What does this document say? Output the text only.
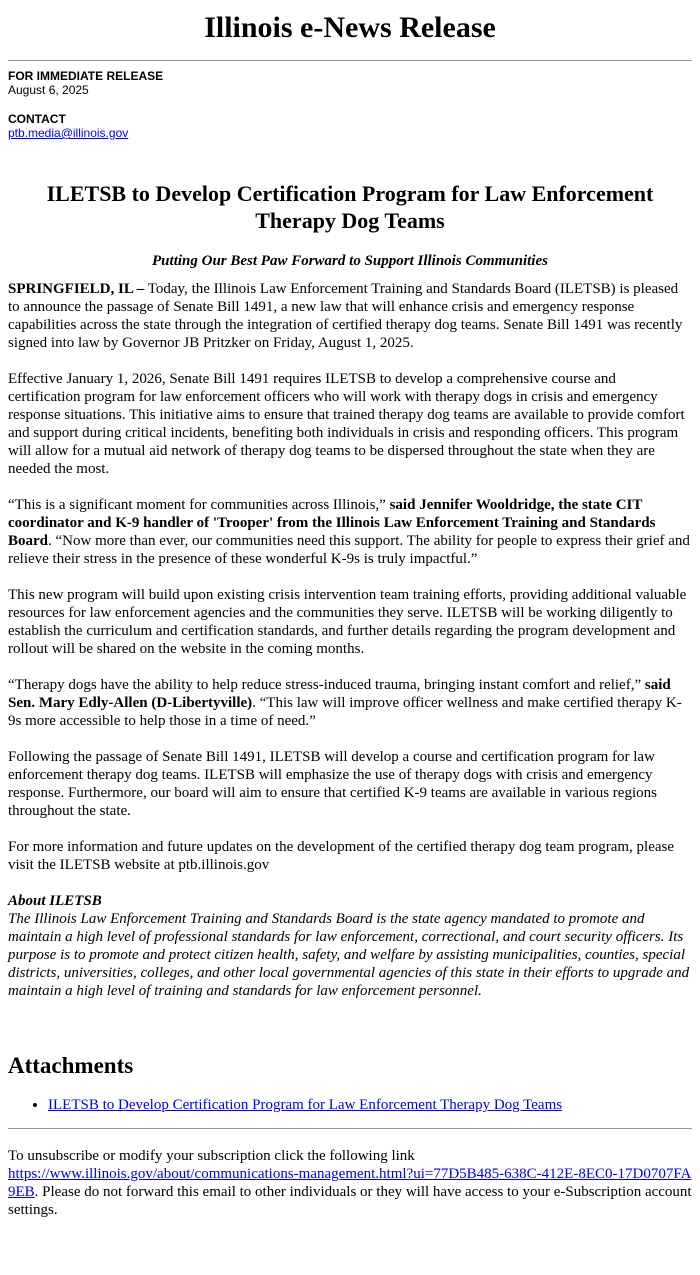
Illinois e-News Release
FOR IMMEDIATE RELEASE
August 6, 2025
CONTACT
ptb.media@illinois.gov
ILETSB to Develop Certification Program for Law Enforcement Therapy Dog Teams
Putting Our Best Paw Forward to Support Illinois Communities

SPRINGFIELD, IL – Today, the Illinois Law Enforcement Training and Standards Board (ILETSB) is pleased to announce the passage of Senate Bill 1491, a new law that will enhance crisis and emergency response capabilities across the state through the integration of certified therapy dog teams. Senate Bill 1491 was recently signed into law by Governor JB Pritzker on Friday, August 1, 2025.

Effective January 1, 2026, Senate Bill 1491 requires ILETSB to develop a comprehensive course and certification program for law enforcement officers who will work with therapy dogs in crisis and emergency response situations. This initiative aims to ensure that trained therapy dog teams are available to provide comfort and support during critical incidents, benefiting both individuals in crisis and responding officers. This program will allow for a mutual aid network of therapy dog teams to be dispersed throughout the state when they are needed the most.

“This is a significant moment for communities across Illinois,” said Jennifer Wooldridge, the state CIT coordinator and K-9 handler of 'Trooper' from the Illinois Law Enforcement Training and Standards Board. “Now more than ever, our communities need this support. The ability for people to express their grief and relieve their stress in the presence of these wonderful K-9s is truly impactful.”

This new program will build upon existing crisis intervention team training efforts, providing additional valuable resources for law enforcement agencies and the communities they serve. ILETSB will be working diligently to establish the curriculum and certification standards, and further details regarding the program development and rollout will be shared on the website in the coming months.

“Therapy dogs have the ability to help reduce stress-induced trauma, bringing instant comfort and relief,” said Sen. Mary Edly-Allen (D-Libertyville). “This law will improve officer wellness and make certified therapy K-9s more accessible to help those in a time of need.”

Following the passage of Senate Bill 1491, ILETSB will develop a course and certification program for law enforcement therapy dog teams. ILETSB will emphasize the use of therapy dogs with crisis and emergency response. Furthermore, our board will aim to ensure that certified K-9 teams are available in various regions throughout the state.

For more information and future updates on the development of the certified therapy dog team program, please visit the ILETSB website at ptb.illinois.gov

About ILETSB
The Illinois Law Enforcement Training and Standards Board is the state agency mandated to promote and maintain a high level of professional standards for law enforcement, correctional, and court security officers. Its purpose is to promote and protect citizen health, safety, and welfare by assisting municipalities, counties, special districts, universities, colleges, and other local governmental agencies of this state in their efforts to upgrade and maintain a high level of training and standards for law enforcement personnel.
Attachments
• ILETSB to Develop Certification Program for Law Enforcement Therapy Dog Teams
To unsubscribe or modify your subscription click the following link
https://www.illinois.gov/about/communications-management.html?ui=77D5B485-638C-412E-8EC0-17D0707FA9EB. Please do not forward this email to other individuals or they will have access to your e-Subscription account settings.
